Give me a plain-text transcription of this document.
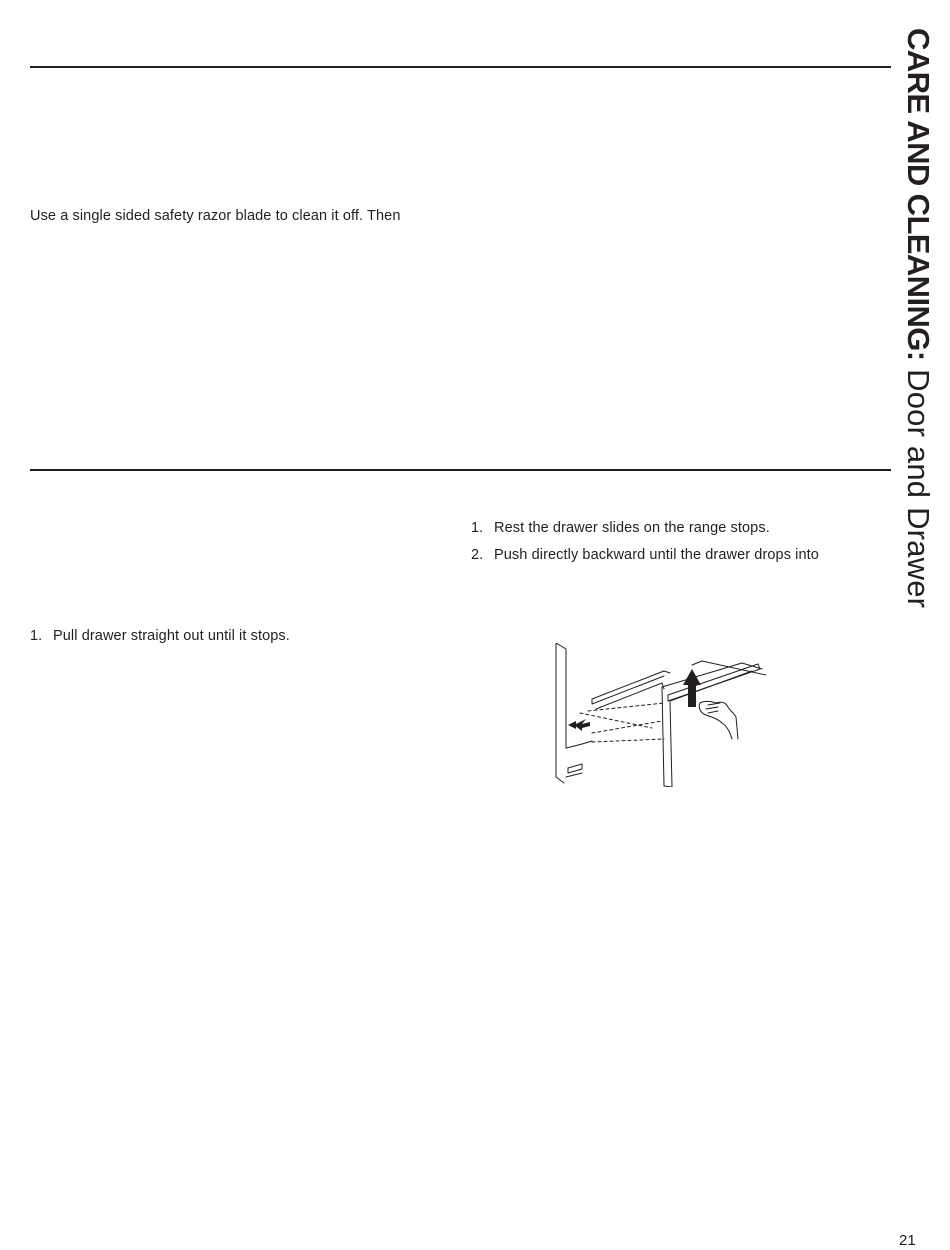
Use a single sided safety razor blade to clean it off. Then
1. Pull drawer straight out until it stops.
1. Rest the drawer slides on the range stops.
2. Push directly backward until the drawer drops into
CARE AND CLEANING: Door and Drawer
21
